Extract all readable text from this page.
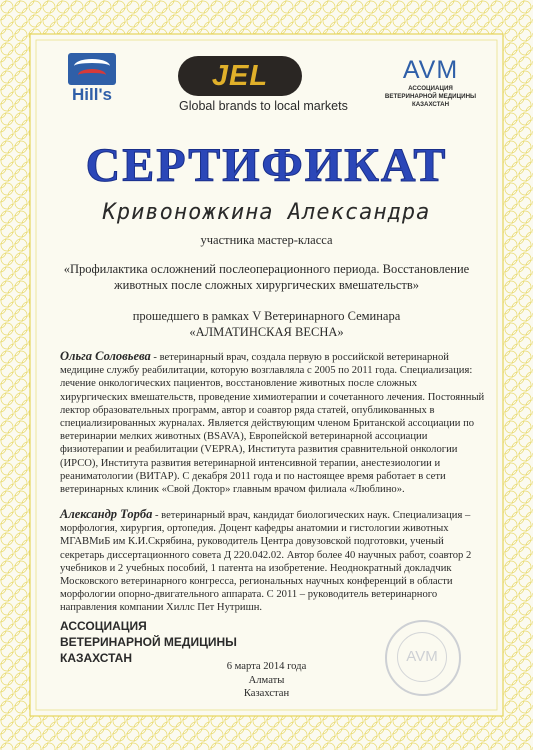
Hill's
JEL
Global brands to local markets
AVM
АССОЦИАЦИЯ
ВЕТЕРИНАРНОЙ МЕДИЦИНЫ
КАЗАХСТАН
СЕРТИФИКАТ
Кривоножкина Александра
участника мастер-класса
«Профилактика осложнений послеоперационного периода. Восстановление животных после сложных хирургических вмешательств»
прошедшего в рамках V Ветеринарного Семинара
«АЛМАТИНСКАЯ ВЕСНА»
Ольга Соловьева - ветеринарный врач, создала первую в российской ветеринарной медицине службу реабилитации, которую возглавляла с 2005 по 2011 года. Специализация: лечение онкологических пациентов, восстановление животных после сложных хирургических вмешательств, проведение химиотерапии и сочетанного лечения. Постоянный лектор образовательных программ, автор и соавтор ряда статей, опубликованных в специализированных журналах. Является действующим членом Британской ассоциации по ветеринарии мелких животных (BSAVA), Европейской ветеринарной ассоциации физиотерапии и реабилитации (VEPRA), Института развития сравнительной онкологии (ИРСО), Института развития ветеринарной интенсивной терапии, анестезиологии и реаниматологии (ВИТАР). С декабря 2011 года и по настоящее время работает в сети ветеринарных клиник «Свой Доктор» главным врачом филиала «Люблино».
Александр Торба - ветеринарный врач, кандидат биологических наук. Специализация – морфология, хирургия, ортопедия. Доцент кафедры анатомии и гистологии животных МГАВМиБ им К.И.Скрябина, руководитель Центра довузовской подготовки, ученый секретарь диссертационного совета Д 220.042.02. Автор более 40 научных работ, соавтор 2 учебников и 2 учебных пособий, 1 патента на изобретение. Неоднократный докладчик Московского ветеринарного конгресса, региональных научных конференций в области морфологии опорно-двигательного аппарата. С 2011 – руководитель ветеринарного направления компании Хиллс Пет Нутришн.
АССОЦИАЦИЯ
ВЕТЕРИНАРНОЙ МЕДИЦИНЫ
КАЗАХСТАН	AVM
6 марта 2014 года
Алматы
Казахстан
